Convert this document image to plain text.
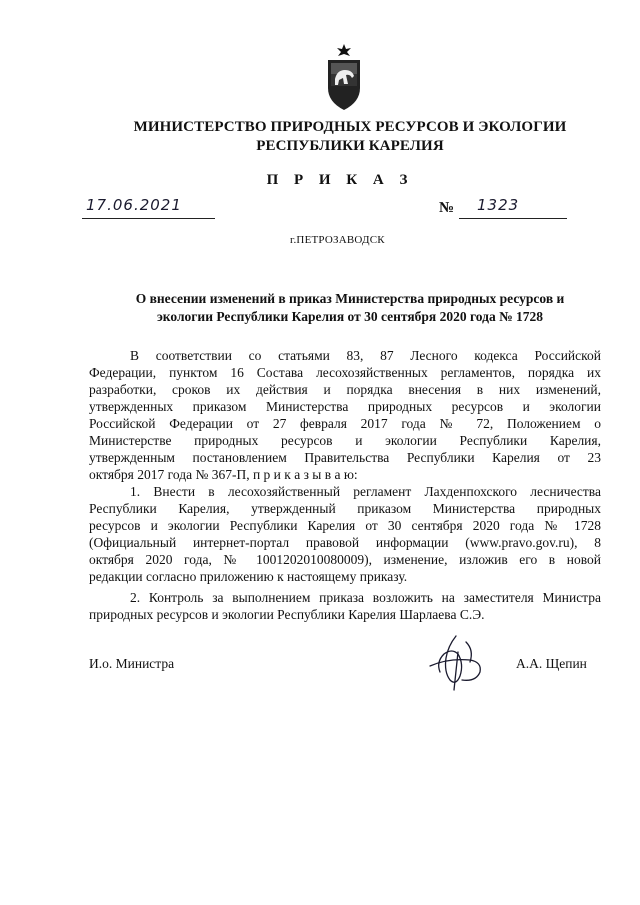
МИНИСТЕРСТВО ПРИРОДНЫХ РЕСУРСОВ И ЭКОЛОГИИ
РЕСПУБЛИКИ КАРЕЛИЯ
П Р И К А З
17.06.2021	№ 1323
г.ПЕТРОЗАВОДСК
О внесении изменений в приказ Министерства природных ресурсов и
экологии Республики Карелия от 30 сентября 2020 года № 1728
В соответствии со статьями 83, 87 Лесного кодекса Российской
Федерации, пунктом 16 Состава лесохозяйственных регламентов, порядка их
разработки, сроков их действия и порядка внесения в них изменений,
утвержденных приказом Министерства природных ресурсов и экологии
Российской Федерации от 27 февраля 2017 года № 72, Положением о
Министерстве природных ресурсов и экологии Республики Карелия,
утвержденным постановлением Правительства Республики Карелия от 23
октября 2017 года № 367-П, п р и к а з ы в а ю:
1. Внести в лесохозяйственный регламент Лахденпохского лесничества
Республики Карелия, утвержденный приказом Министерства природных
ресурсов и экологии Республики Карелия от 30 сентября 2020 года № 1728
(Официальный интернет-портал правовой информации (www.pravo.gov.ru), 8
октября 2020 года, № 1001202010080009), изменение, изложив его в новой
редакции согласно приложению к настоящему приказу.
2. Контроль за выполнением приказа возложить на заместителя Министра
природных ресурсов и экологии Республики Карелия Шарлаева С.Э.
И.о. Министра	А.А. Щепин
